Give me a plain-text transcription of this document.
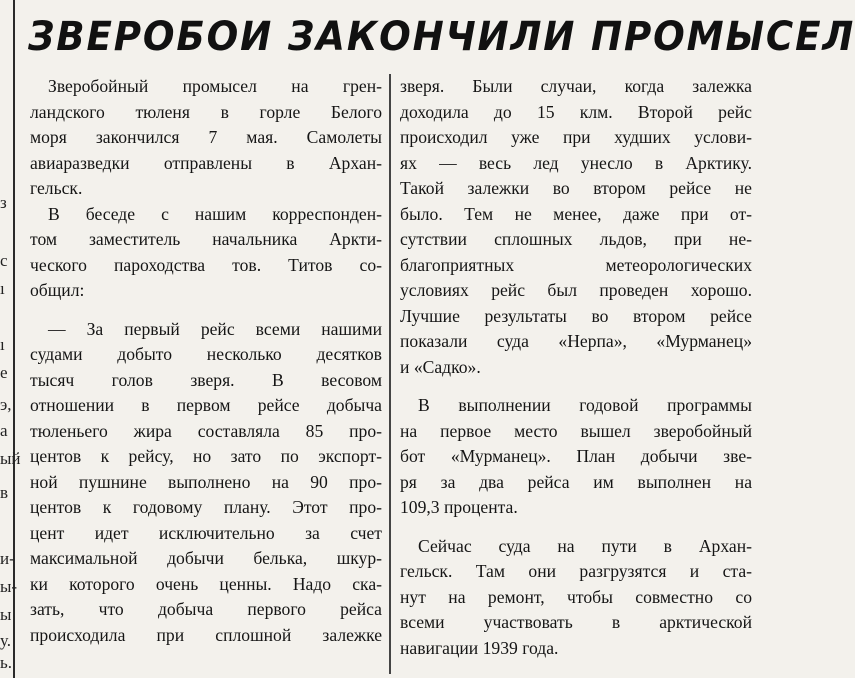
з
с
ı
ı
е
э,
а
ый
в
и-
ы-
ы
у.
ь.
ЗВЕРОБОИ ЗАКОНЧИЛИ ПРОМЫСЕЛ
Зверобойный промысел на грен-
ландского тюленя в горле Белого
моря закончился 7 мая. Самолеты
авиаразведки отправлены в Архан-
гельск.
В беседе с нашим корреспонден-
том заместитель начальника Аркти-
ческого пароходства тов. Титов со-
общил:
— За первый рейс всеми нашими
судами добыто несколько десятков
тысяч голов зверя. В весовом
отношении в первом рейсе добыча
тюленьего жира составляла 85 про-
центов к рейсу, но зато по экспорт-
ной пушнине выполнено на 90 про-
центов к годовому плану. Этот про-
цент идет исключительно за счет
максимальной добычи белька, шкур-
ки которого очень ценны. Надо ска-
зать, что добыча первого рейса
происходила при сплошной залежке
зверя. Были случаи, когда залежка
доходила до 15 клм. Второй рейс
происходил уже при худших услови-
ях — весь лед унесло в Арктику.
Такой залежки во втором рейсе не
было. Тем не менее, даже при от-
сутствии сплошных льдов, при не-
благоприятных метеорологических
условиях рейс был проведен хорошо.
Лучшие результаты во втором рейсе
показали суда «Нерпа», «Мурманец»
и «Садко».
В выполнении годовой программы
на первое место вышел зверобойный
бот «Мурманец». План добычи зве-
ря за два рейса им выполнен на
109,3 процента.
Сейчас суда на пути в Архан-
гельск. Там они разгрузятся и ста-
нут на ремонт, чтобы совместно со
всеми участвовать в арктической
навигации 1939 года.
